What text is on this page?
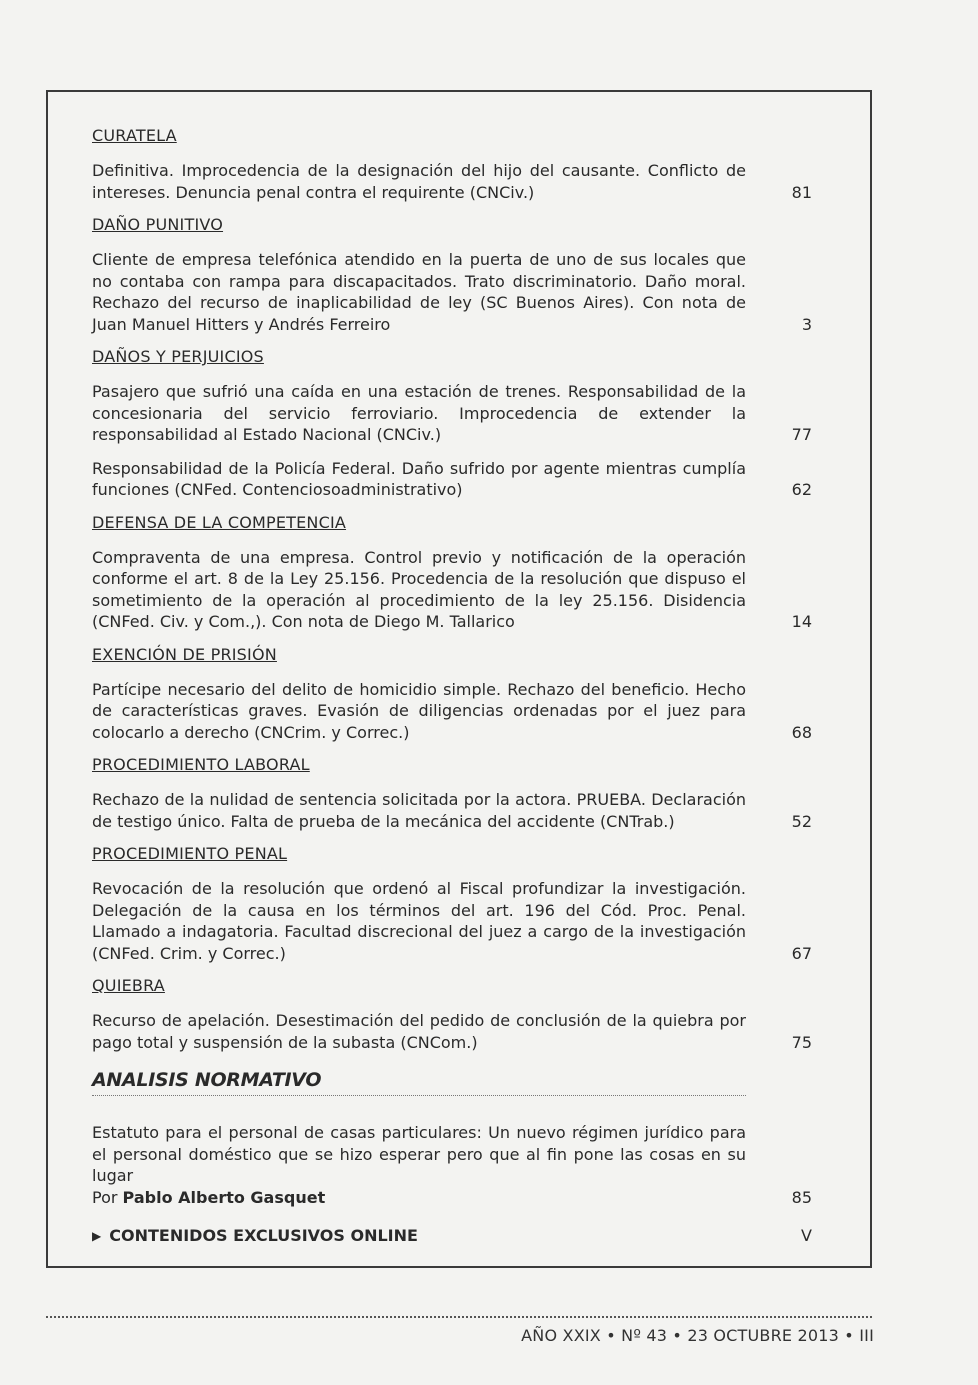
CURATELA
Definitiva. Improcedencia de la designación del hijo del causante. Conflicto de intereses. Denuncia penal contra el requirente (CNCiv.)	81
DAÑO PUNITIVO
Cliente de empresa telefónica atendido en la puerta de uno de sus locales que no contaba con rampa para discapacitados. Trato discriminatorio. Daño moral. Rechazo del recurso de inaplicabilidad de ley (SC Buenos Aires). Con nota de Juan Manuel Hitters y Andrés Ferreiro	3
DAÑOS Y PERJUICIOS
Pasajero que sufrió una caída en una estación de trenes. Responsabilidad de la concesionaria del servicio ferroviario. Improcedencia de extender la responsabilidad al Estado Nacional (CNCiv.)	77
Responsabilidad de la Policía Federal. Daño sufrido por agente mientras cumplía funciones (CNFed. Contenciosoadministrativo)	62
DEFENSA DE LA COMPETENCIA
Compraventa de una empresa. Control previo y notificación de la operación conforme el art. 8 de la Ley 25.156. Procedencia de la resolución que dispuso el sometimiento de la operación al procedimiento de la ley 25.156. Disidencia (CNFed. Civ. y Com.,). Con nota de Diego M. Tallarico	14
EXENCIÓN DE PRISIÓN
Partícipe necesario del delito de homicidio simple. Rechazo del beneficio. Hecho de características graves. Evasión de diligencias ordenadas por el juez para colocarlo a derecho (CNCrim. y Correc.)	68
PROCEDIMIENTO LABORAL
Rechazo de la nulidad de sentencia solicitada por la actora. PRUEBA. Declaración de testigo único. Falta de prueba de la mecánica del accidente (CNTrab.)	52
PROCEDIMIENTO PENAL
Revocación de la resolución que ordenó al Fiscal profundizar la investigación. Delegación de la causa en los términos del art. 196 del Cód. Proc. Penal. Llamado a indagatoria. Facultad discrecional del juez a cargo de la investigación (CNFed. Crim. y Correc.)	67
QUIEBRA
Recurso de apelación. Desestimación del pedido de conclusión de la quiebra por pago total y suspensión de la subasta (CNCom.)	75
ANALISIS NORMATIVO
Estatuto para el personal de casas particulares: Un nuevo régimen jurídico para el personal doméstico que se hizo esperar pero que al fin pone las cosas en su lugar
Por Pablo Alberto Gasquet	85
▶ CONTENIDOS EXCLUSIVOS ONLINE	V
AÑO XXIX • Nº 43 • 23 OCTUBRE 2013 • III
